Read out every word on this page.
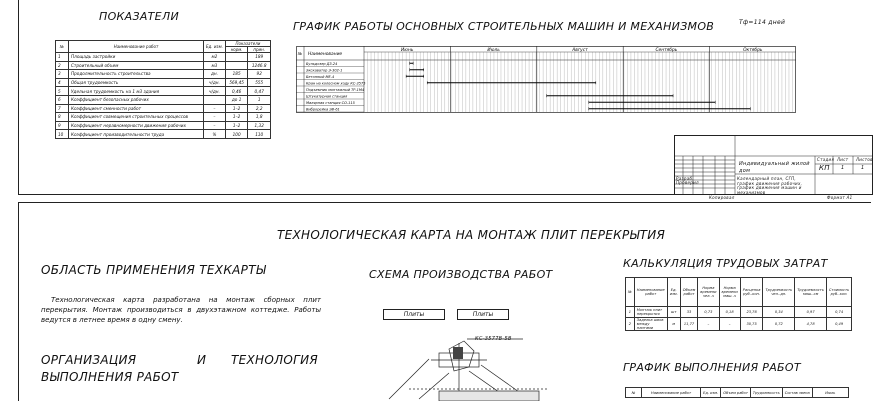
ПОКАЗАТЕЛИ
№	Наименование работ	Ед. изм.	Показатели	
			норм.	прин.
1	Площадь застройки	м2		189
2	Строительный объем	м3		1246.8
3	Продолжительность строительства	дн.	185	92
4	Общая трудоемкость	ч/дн.	569,45	555
5	Удельная трудоемкость на 1 м3 здания	ч/дн.	0,46	0,47
6	Коэффициент безопасных рабочих		до 1	1
7	Коэффициент сменности работ	–	1–2	2,2
8	Коэффициент совмещения строительных процессов	–	1–2	1,8
9	Коэффициент неравномерности движения рабочих	–	1–2	1,32
10	Коэффициент производительности труда	%	100	110
ГРАФИК РАБОТЫ ОСНОВНЫХ СТРОИТЕЛЬНЫХ МАШИН И МЕХАНИЗМОВ	Тф=114 дней
Июнь	Июль	Август	Сентябрь	Октябрь
№ Наименование
Бульдозер ДЗ-24
Экскаватор Э-302-1
Бетонный МЕ-4
Кран на колесном ходу КС-3575
Подъемник монтажный ТР-1М4
Штукатурная станция
Малярная станция СО-115
Виброрейка ЭВ-61
Разраб.
Проверил
Индивидуальный жилой дом
Календарный план, СГП, график движения рабочих, график движения машин и механизмов
Стадия Лист Листов
КП 1	1
Копировал	Формат А1
ТЕХНОЛОГИЧЕСКАЯ КАРТА НА МОНТАЖ ПЛИТ ПЕРЕКРЫТИЯ
ОБЛАСТЬ ПРИМЕНЕНИЯ ТЕХКАРТЫ
Технологическая карта разработана на монтаж сборных плит перекрытия. Монтаж производиться в двухэтажном коттедже. Работы ведутся в летнее время в одну смену.
ОРГАНИЗАЦИЯ	И ТЕХНОЛОГИЯ
ВЫПОЛНЕНИЯ РАБОТ
СХЕМА ПРОИЗВОДСТВА РАБОТ
Плиты	Плиты
КС-3577В-5В
КАЛЬКУЛЯЦИЯ ТРУДОВЫХ ЗАТРАТ
№	Наименование работ	Ед. изм.	Объем работ	Норма времени чел.-ч	Норма времени маш.-ч	Расценка руб.-коп.	Трудоемкость чел.-дн.	Трудоемкость маш.-см	Стоимость руб.-коп.
1	Монтаж плит перекрытия	шт	33	0,73	0,18	23,76	0,34	0,97	0,74
2	Заделка швов между плитами	м	11,77	–	–	30,75	0,72	4,78	0,49
ГРАФИК ВЫПОЛНЕНИЯ РАБОТ
№	Наименование работ	Ед. изм.	Объем работ	Трудоемкость	Состав звена	Июль
